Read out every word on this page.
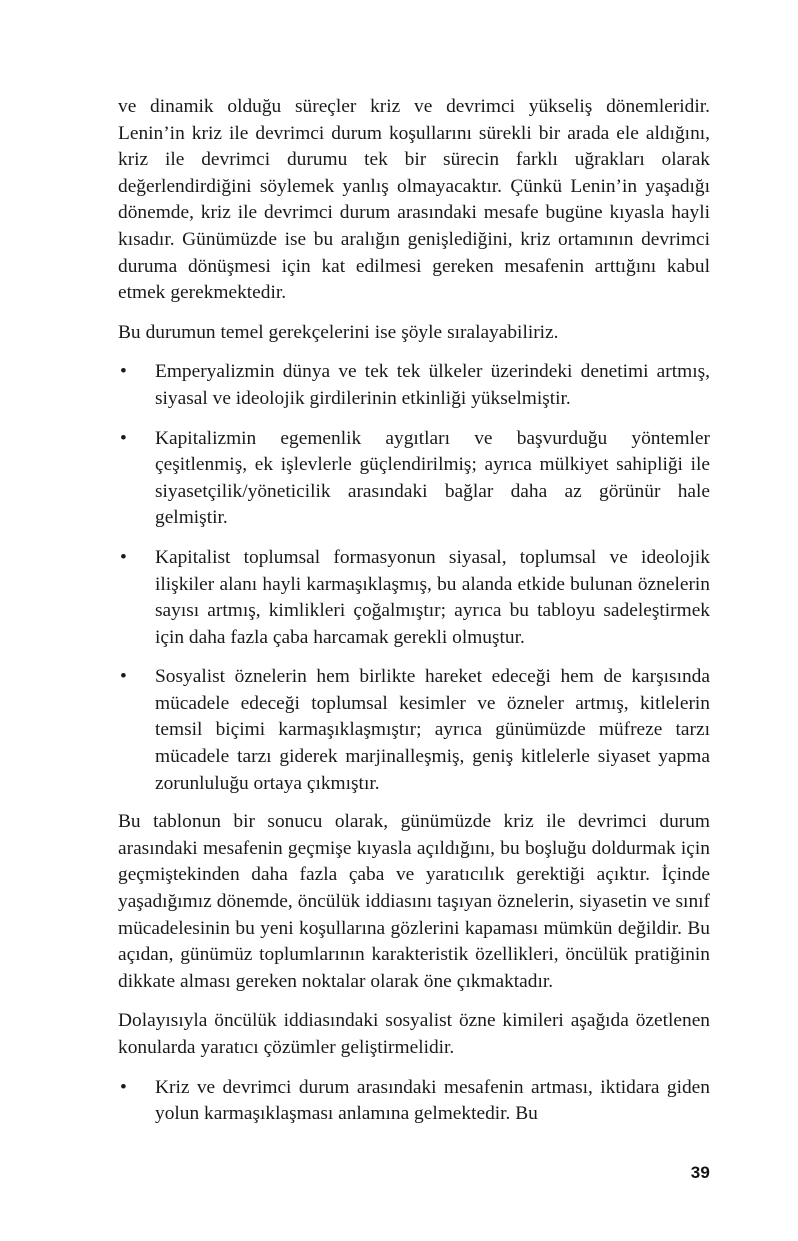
ve dinamik olduğu süreçler kriz ve devrimci yükseliş dönemleridir. Lenin’in kriz ile devrimci durum koşullarını sürekli bir arada ele aldığını, kriz ile devrimci durumu tek bir sürecin farklı uğrakları olarak değerlendirdiğini söylemek yanlış olmayacaktır. Çünkü Lenin’in yaşadığı dönemde, kriz ile devrimci durum arasındaki mesafe bugüne kıyasla hayli kısadır. Günümüzde ise bu aralığın genişlediğini, kriz ortamının devrimci duruma dönüşmesi için kat edilmesi gereken mesafenin arttığını kabul etmek gerekmektedir.

Bu durumun temel gerekçelerini ise şöyle sıralayabiliriz.

•	Emperyalizmin dünya ve tek tek ülkeler üzerindeki denetimi artmış, siyasal ve ideolojik girdilerinin etkinliği yükselmiştir.
•	Kapitalizmin egemenlik aygıtları ve başvurduğu yöntemler çeşitlenmiş, ek işlevlerle güçlendirilmiş; ayrıca mülkiyet sahipliği ile siyasetçilik/yöneticilik arasındaki bağlar daha az görünür hale gelmiştir.
•	Kapitalist toplumsal formasyonun siyasal, toplumsal ve ideolojik ilişkiler alanı hayli karmaşıklaşmış, bu alanda etkide bulunan öznelerin sayısı artmış, kimlikleri çoğalmıştır; ayrıca bu tabloyu sadeleştirmek için daha fazla çaba harcamak gerekli olmuştur.
•	Sosyalist öznelerin hem birlikte hareket edeceği hem de karşısında mücadele edeceği toplumsal kesimler ve özneler artmış, kitlelerin temsil biçimi karmaşıklaşmıştır; ayrıca günümüzde müfreze tarzı mücadele tarzı giderek marjinalleşmiş, geniş kitlelerle siyaset yapma zorunluluğu ortaya çıkmıştır.

Bu tablonun bir sonucu olarak, günümüzde kriz ile devrimci durum arasındaki mesafenin geçmişe kıyasla açıldığını, bu boşluğu doldurmak için geçmiştekinden daha fazla çaba ve yaratıcılık gerektiği açıktır. İçinde yaşadığımız dönemde, öncülük iddiasını taşıyan öznelerin, siyasetin ve sınıf mücadelesinin bu yeni koşullarına gözlerini kapaması mümkün değildir. Bu açıdan, günümüz toplumlarının karakteristik özellikleri, öncülük pratiğinin dikkate alması gereken noktalar olarak öne çıkmaktadır.

Dolayısıyla öncülük iddiasındaki sosyalist özne kimileri aşağıda özetlenen konularda yaratıcı çözümler geliştirmelidir.

•	Kriz ve devrimci durum arasındaki mesafenin artması, iktidara giden yolun karmaşıklaşması anlamına gelmektedir. Bu
39
